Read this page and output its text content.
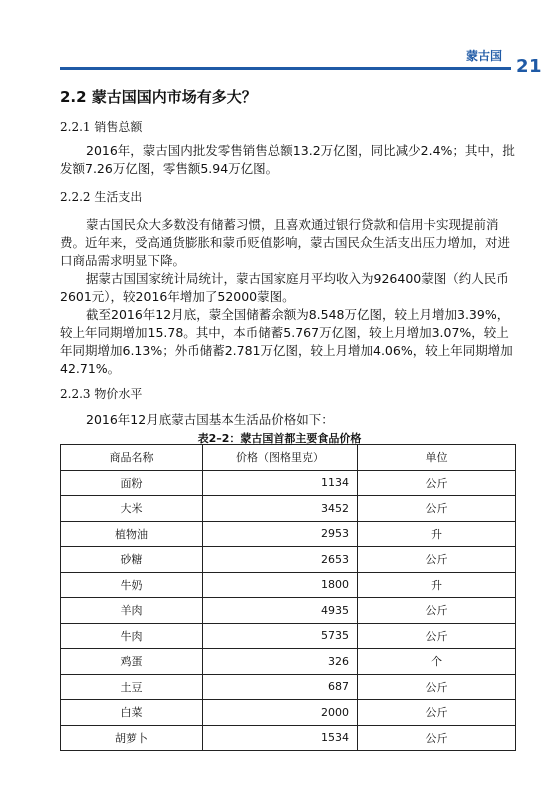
蒙古国 21
2.2 蒙古国国内市场有多大？
2.2.1 销售总额

2016年，蒙古国内批发零售销售总额13.2万亿图，同比减少2.4%；其中，批发额7.26万亿图，零售额5.94万亿图。

2.2.2 生活支出

蒙古国民众大多数没有储蓄习惯，且喜欢通过银行贷款和信用卡实现提前消费。近年来，受高通货膨胀和蒙币贬值影响，蒙古国民众生活支出压力增加，对进口商品需求明显下降。

据蒙古国国家统计局统计，蒙古国家庭月平均收入为926400蒙图（约人民币2601元），较2016年增加了52000蒙图。

截至2016年12月底，蒙全国储蓄余额为8.548万亿图，较上月增加3.39%，较上年同期增加15.78。其中，本币储蓄5.767万亿图，较上月增加3.07%，较上年同期增加6.13%；外币储蓄2.781万亿图，较上月增加4.06%，较上年同期增加42.71%。

2.2.3 物价水平
2016年12月底蒙古国基本生活品价格如下：
表2–2：蒙古国首都主要食品价格
商品名称	价格（图格里克）	单位
面粉	1134	公斤
大米	3452	公斤
植物油	2953	升
砂糖	2653	公斤
牛奶	1800	升
羊肉	4935	公斤
牛肉	5735	公斤
鸡蛋	326	个
土豆	687	公斤
白菜	2000	公斤
胡萝卜	1534	公斤
